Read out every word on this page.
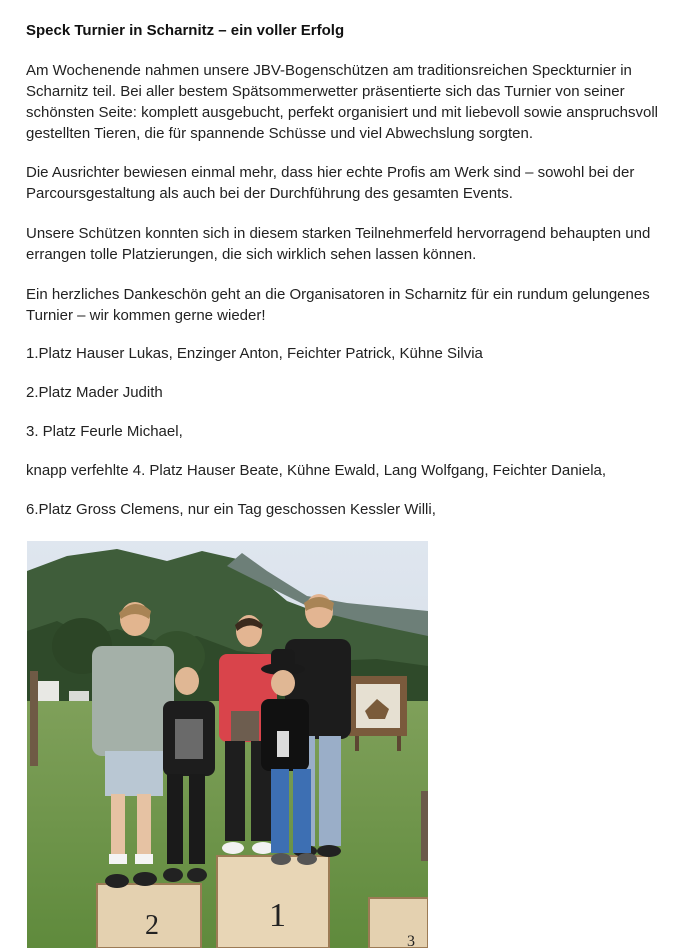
Speck Turnier in Scharnitz – ein voller Erfolg

Am Wochenende nahmen unsere JBV-Bogenschützen am traditionsreichen Speckturnier in Scharnitz teil. Bei aller bestem Spätsommerwetter präsentierte sich das Turnier von seiner schönsten Seite: komplett ausgebucht, perfekt organisiert und mit liebevoll sowie anspruchsvoll gestellten Tieren, die für spannende Schüsse und viel Abwechslung sorgten.

Die Ausrichter bewiesen einmal mehr, dass hier echte Profis am Werk sind – sowohl bei der Parcoursgestaltung als auch bei der Durchführung des gesamten Events.

Unsere Schützen konnten sich in diesem starken Teilnehmerfeld hervorragend behaupten und errangen tolle Platzierungen, die sich wirklich sehen lassen können.

Ein herzliches Dankeschön geht an die Organisatoren in Scharnitz für ein rundum gelungenes Turnier – wir kommen gerne wieder!

1.Platz Hauser Lukas, Enzinger Anton, Feichter Patrick, Kühne Silvia

2.Platz Mader Judith

3. Platz Feurle Michael,

knapp verfehlte 4. Platz Hauser Beate, Kühne Ewald, Lang Wolfgang, Feichter Daniela,

6.Platz Gross Clemens, nur ein Tag geschossen Kessler Willi,

2	1
3
